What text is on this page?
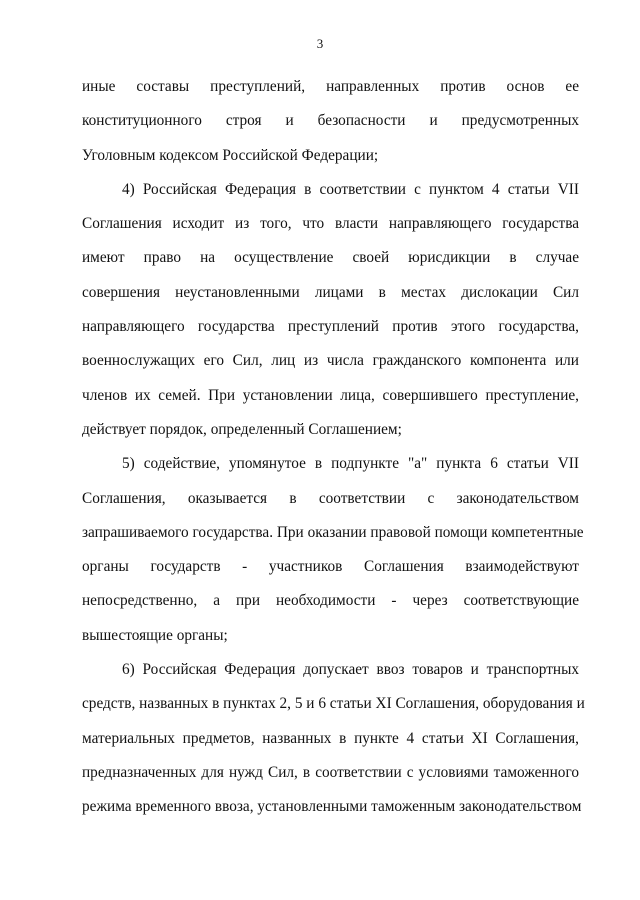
3
иные составы преступлений, направленных против основ ее
конституционного строя и безопасности и предусмотренных
Уголовным кодексом Российской Федерации;
4) Российская Федерация в соответствии с пунктом 4 статьи VII
Соглашения исходит из того, что власти направляющего государства
имеют право на осуществление своей юрисдикции в случае
совершения неустановленными лицами в местах дислокации Сил
направляющего государства преступлений против этого государства,
военнослужащих его Сил, лиц из числа гражданского компонента или
членов их семей. При установлении лица, совершившего преступление,
действует порядок, определенный Соглашением;
5) содействие, упомянутое в подпункте "а" пункта 6 статьи VII
Соглашения, оказывается в соответствии с законодательством
запрашиваемого государства. При оказании правовой помощи компетентные
органы государств - участников Соглашения взаимодействуют
непосредственно, а при необходимости - через соответствующие
вышестоящие органы;
6) Российская Федерация допускает ввоз товаров и транспортных
средств, названных в пунктах 2, 5 и 6 статьи XI Соглашения, оборудования и
материальных предметов, названных в пункте 4 статьи XI Соглашения,
предназначенных для нужд Сил, в соответствии с условиями таможенного
режима временного ввоза, установленными таможенным законодательством
